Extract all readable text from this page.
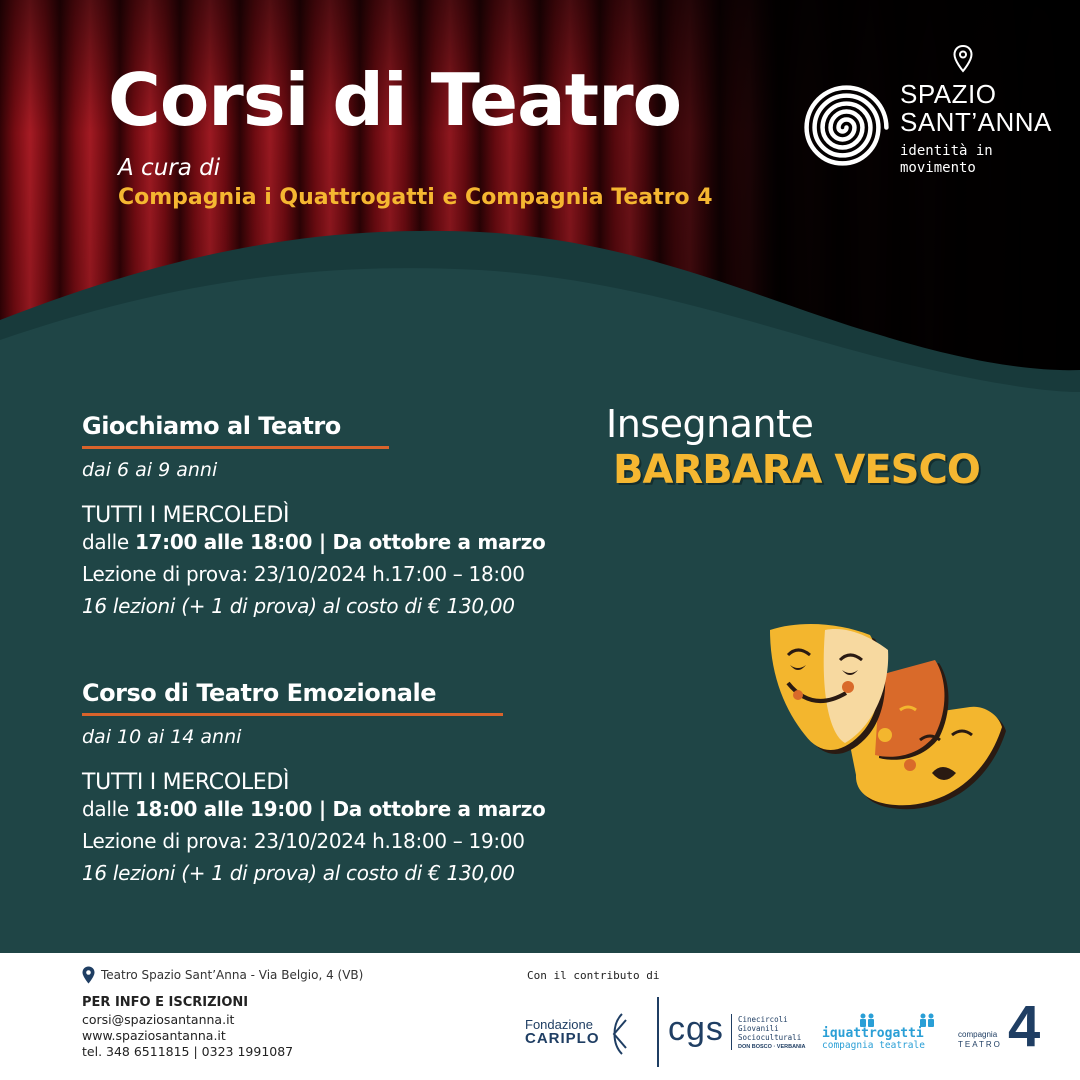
Corsi di Teatro
A cura di
Compagnia i Quattrogatti e Compagnia Teatro 4
SPAZIO
SANT’ANNA
identità in
movimento
Giochiamo al Teatro
dai 6 ai 9 anni
TUTTI I MERCOLEDÌ
dalle 17:00 alle 18:00 | Da ottobre a marzo
Lezione di prova: 23/10/2024 h.17:00 – 18:00
16 lezioni (+ 1 di prova) al costo di € 130,00
Corso di Teatro Emozionale
dai 10 ai 14 anni
TUTTI I MERCOLEDÌ
dalle 18:00 alle 19:00 | Da ottobre a marzo
Lezione di prova: 23/10/2024 h.18:00 – 19:00
16 lezioni (+ 1 di prova) al costo di € 130,00
Insegnante
BARBARA VESCO
Teatro Spazio Sant’Anna - Via Belgio, 4 (VB)
PER INFO E ISCRIZIONI
corsi@spaziosantanna.it
www.spaziosantanna.it
tel. 348 6511815 | 0323 1991087
Con il contributo di
Fondazione
CARIPLO cgs Cinecircoli
Giovanili
Socioculturali
DON BOSCO · VERBANIA
iquattrogatti
compagnia teatrale
compagnia
TEATRO 4
